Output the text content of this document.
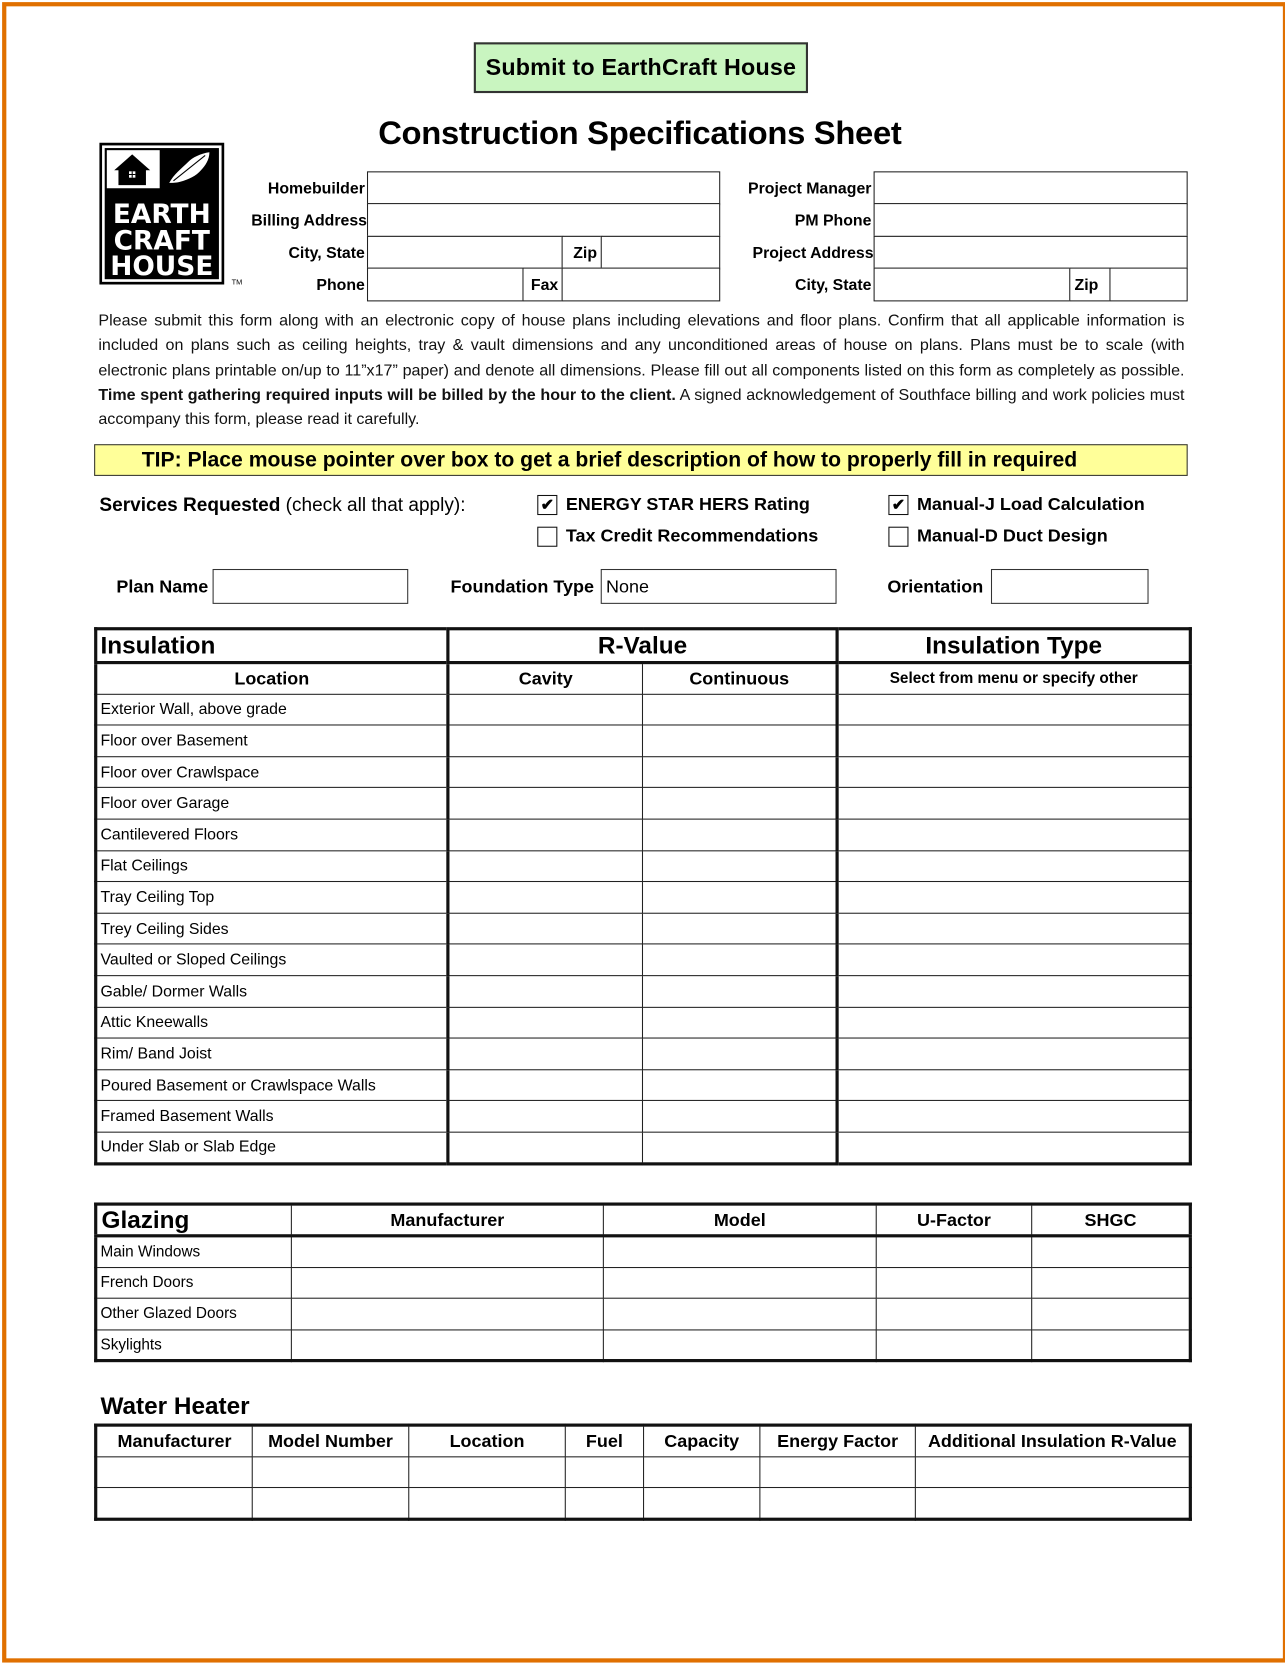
Submit to EarthCraft House
Construction Specifications Sheet
EARTH
CRAFT
HOUSE
TM
Homebuilder
Billing Address
City, State
Phone
Zip
Fax
Project Manager
PM Phone
Project Address
City, State	Zip
Please submit this form along with an electronic copy of house plans including elevations and floor plans. Confirm that all applicable information is included on plans such as ceiling heights, tray & vault dimensions and any unconditioned areas of house on plans. Plans must be to scale (with electronic plans printable on/up to 11”x17” paper) and denote all dimensions. Please fill out all components listed on this form as completely as possible. Time spent gathering required inputs will be billed by the hour to the client. A signed acknowledgement of Southface billing and work policies must accompany this form, please read it carefully.
TIP: Place mouse pointer over box to get a brief description of how to properly fill in required
Services Requested (check all that apply):	✔ ENERGY STAR HERS Rating
Tax Credit Recommendations
✔ Manual-J Load Calculation
Manual-D Duct Design
Plan Name	Foundation Type None	Orientation
Insulation	R-Value		Insulation Type
Location	Cavity	Continuous	Select from menu or specify other
Exterior Wall, above grade			
Floor over Basement			
Floor over Crawlspace			
Floor over Garage			
Cantilevered Floors			
Flat Ceilings			
Tray Ceiling Top			
Trey Ceiling Sides			
Vaulted or Sloped Ceilings			
Gable/ Dormer Walls			
Attic Kneewalls			
Rim/ Band Joist			
Poured Basement or Crawlspace Walls			
Framed Basement Walls			
Under Slab or Slab Edge			
Glazing	Manufacturer	Model	U-Factor	SHGC
Main Windows				
French Doors				
Other Glazed Doors				
Skylights				
Water Heater
Manufacturer	Model Number	Location	Fuel	Capacity	Energy Factor	Additional Insulation R-Value
